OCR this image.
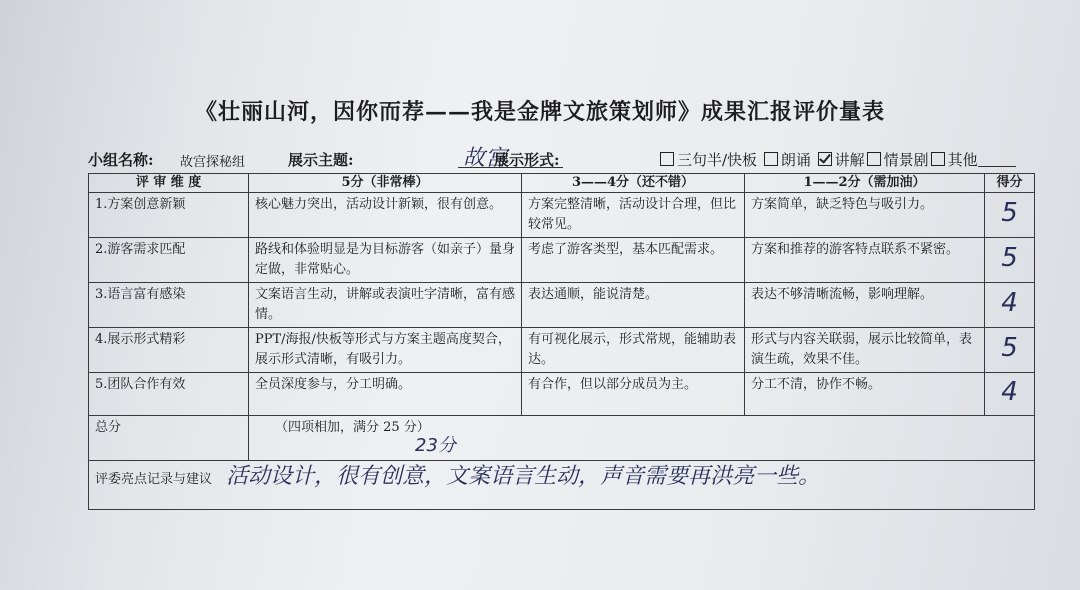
《壮丽山河，因你而荐——我是金牌文旅策划师》成果汇报评价量表
小组名称: 故宫探秘组	展示主题:	故宫
展示形式:	三句半/快板 朗诵 讲解 情景剧 其他
评 审 维 度	5分（非常棒）	3——4分（还不错）	1——2分（需加油）	得分
1.方案创意新颖	核心魅力突出，活动设计新颖，很有创意。	方案完整清晰，活动设计合理，但比较常见。	方案简单，缺乏特色与吸引力。	5
2.游客需求匹配	路线和体验明显是为目标游客（如亲子）量身定做，非常贴心。	考虑了游客类型，基本匹配需求。	方案和推荐的游客特点联系不紧密。	5
3.语言富有感染	文案语言生动，讲解或表演吐字清晰，富有感情。	表达通顺，能说清楚。	表达不够清晰流畅，影响理解。	4
4.展示形式精彩	PPT/海报/快板等形式与方案主题高度契合，展示形式清晰，有吸引力。	有可视化展示，形式常规，能辅助表达。	形式与内容关联弱，展示比较简单，表演生疏，效果不佳。	5
5.团队合作有效	全员深度参与，分工明确。	有合作，但以部分成员为主。	分工不清，协作不畅。	4
总分	（四项相加，满分 25 分）
23分			

评委亮点记录与建议 活动设计，很有创意，文案语言生动，声音需要再洪亮一些。				
